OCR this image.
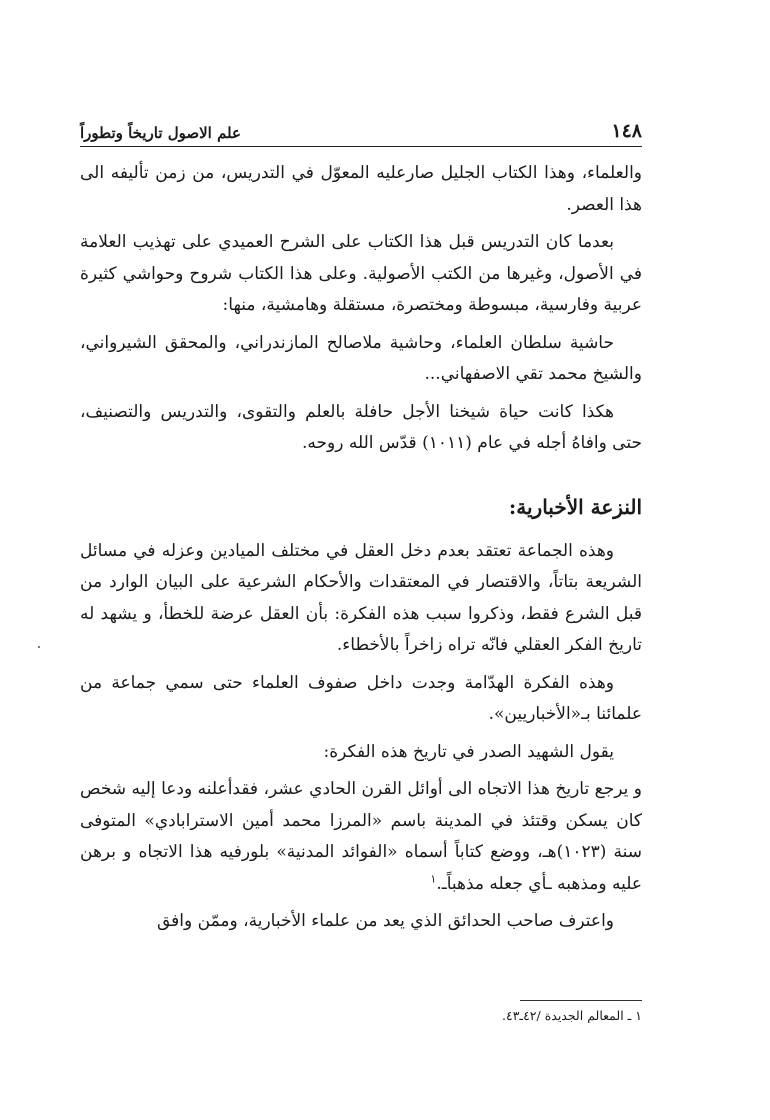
علم الاصول تاريخاً وتطوراً	١٤٨

والعلماء، وهذا الكتاب الجليل صارعليه المعوّل في التدريس، من زمن تأليفه الى هذا العصر.

بعدما كان التدريس قبل هذا الكتاب على الشرح العميدي على تهذيب العلامة في الأصول، وغيرها من الكتب الأصولية. وعلى هذا الكتاب شروح وحواشي كثيرة عربية وفارسية، مبسوطة ومختصرة، مستقلة وهامشية، منها:

حاشية سلطان العلماء، وحاشية ملاصالح المازندراني، والمحقق الشيرواني، والشيخ محمد تقي الاصفهاني...

هكذا كانت حياة شيخنا الأجل حافلة بالعلم والتقوى، والتدريس والتصنيف، حتى وافاهُ أجله في عام (١٠١١) قدّس الله روحه.

النزعة الأخبارية:

وهذه الجماعة تعتقد بعدم دخل العقل في مختلف الميادين وعزله في مسائل الشريعة بتاتاً، والاقتصار في المعتقدات والأحكام الشرعية على البيان الوارد من قبل الشرع فقط، وذكروا سبب هذه الفكرة: بأن العقل عرضة للخطأ، و يشهد له تاريخ الفكر العقلي فانّه تراه زاخراً بالأخطاء.

وهذه الفكرة الهدّامة وجدت داخل صفوف العلماء حتى سمي جماعة من علمائنا بـ«الأخباريين».

يقول الشهيد الصدر في تاريخ هذه الفكرة:

و يرجع تاريخ هذا الاتجاه الى أوائل القرن الحادي عشر، فقدأعلنه ودعا إليه شخص كان يسكن وقتئذ في المدينة باسم «المرزا محمد أمين الاسترابادي» المتوفى سنة (١٠٢٣)هـ، ووضع كتاباً أسماه «الفوائد المدنية» بلورفيه هذا الاتجاه و برهن عليه ومذهبه ـأي جعله مذهباًـ.$^١$

واعترف صاحب الحدائق الذي يعد من علماء الأخبارية، وممّن وافق

١ ـ المعالم الجديدة /٤٢ـ٤٣.
